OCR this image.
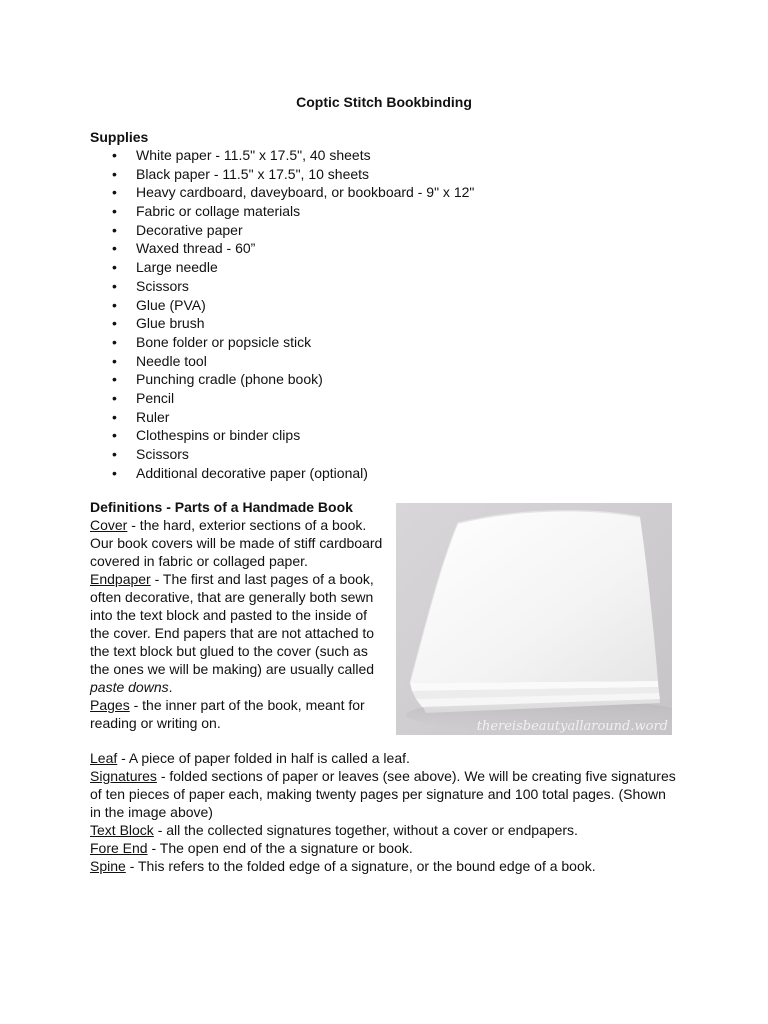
Coptic Stitch Bookbinding
Supplies
• White paper - 11.5" x 17.5", 40 sheets
• Black paper - 11.5" x 17.5", 10 sheets
• Heavy cardboard, daveyboard, or bookboard - 9" x 12"
• Fabric or collage materials
• Decorative paper
• Waxed thread - 60”
• Large needle
• Scissors
• Glue (PVA)
• Glue brush
• Bone folder or popsicle stick
• Needle tool
• Punching cradle (phone book)
• Pencil
• Ruler
• Clothespins or binder clips
• Scissors
• Additional decorative paper (optional)
Definitions - Parts of a Handmade Book

Cover - the hard, exterior sections of a book. Our book covers will be made of stiff cardboard covered in fabric or collaged paper.

Endpaper - The first and last pages of a book, often decorative, that are generally both sewn into the text block and pasted to the inside of the cover. End papers that are not attached to the text block but glued to the cover (such as the ones we will be making) are usually called paste downs.

Pages - the inner part of the book, meant for reading or writing on.

Leaf - A piece of paper folded in half is called a leaf.

Signatures - folded sections of paper or leaves (see above). We will be creating five signatures of ten pieces of paper each, making twenty pages per signature and 100 total pages. (Shown in the image above)

Text Block - all the collected signatures together, without a cover or endpapers.

Fore End - The open end of the a signature or book.

Spine - This refers to the folded edge of a signature, or the bound edge of a book.

thereisbeautyallaround.word
